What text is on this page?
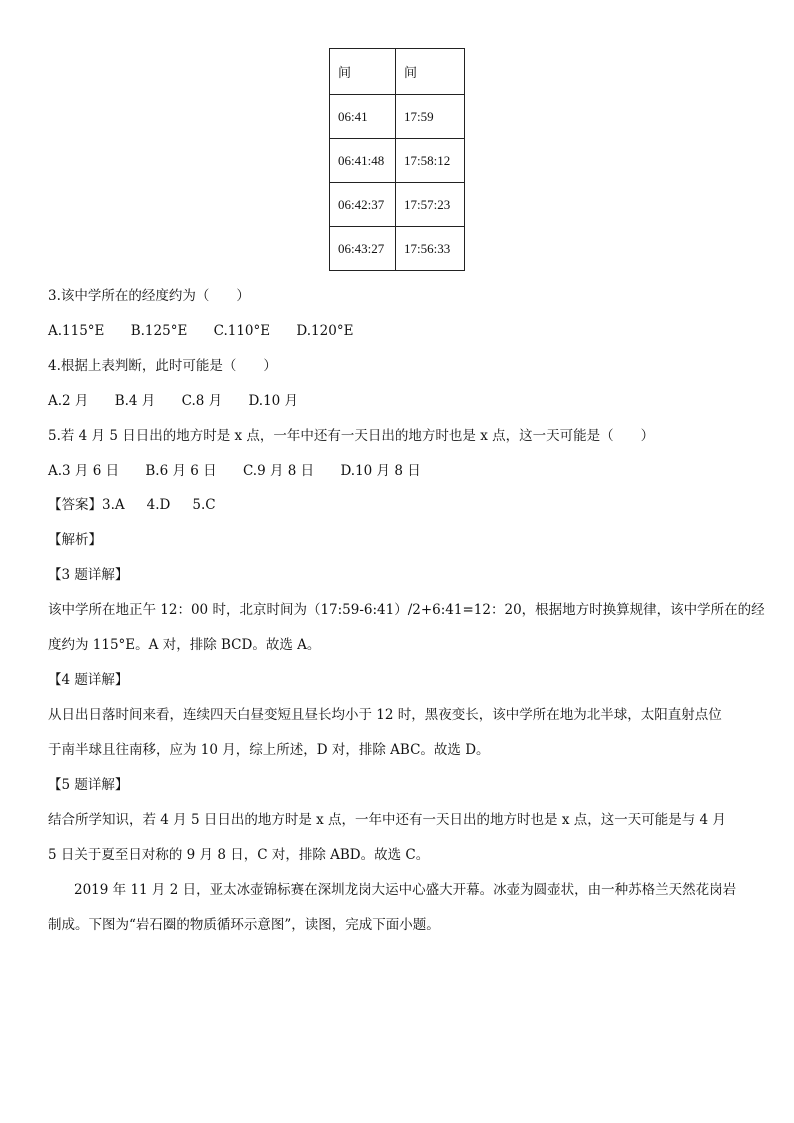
间	间
06:41	17:59
06:41:48	17:58:12
06:42:37	17:57:23
06:43:27	17:56:33
3.该中学所在的经度约为（　　）
A.115°E B.125°E C.110°E D.120°E
4.根据上表判断，此时可能是（　　）
A.2 月 B.4 月 C.8 月 D.10 月
5.若 4 月 5 日日出的地方时是 x 点，一年中还有一天日出的地方时也是 x 点，这一天可能是（　　）
A.3 月 6 日 B.6 月 6 日 C.9 月 8 日 D.10 月 8 日
【答案】3.A 4.D 5.C
【解析】
【3 题详解】
该中学所在地正午 12：00 时，北京时间为（17:59-6:41）/2+6:41=12：20，根据地方时换算规律，该中学所在的经
度约为 115°E。A 对，排除 BCD。故选 A。
【4 题详解】
从日出日落时间来看，连续四天白昼变短且昼长均小于 12 时，黑夜变长，该中学所在地为北半球，太阳直射点位
于南半球且往南移，应为 10 月，综上所述，D 对，排除 ABC。故选 D。
【5 题详解】
结合所学知识，若 4 月 5 日日出的地方时是 x 点，一年中还有一天日出的地方时也是 x 点，这一天可能是与 4 月
5 日关于夏至日对称的 9 月 8 日，C 对，排除 ABD。故选 C。
2019 年 11 月 2 日，亚太冰壶锦标赛在深圳龙岗大运中心盛大开幕。冰壶为圆壶状，由一种苏格兰天然花岗岩
制成。下图为“岩石圈的物质循环示意图”，读图，完成下面小题。
